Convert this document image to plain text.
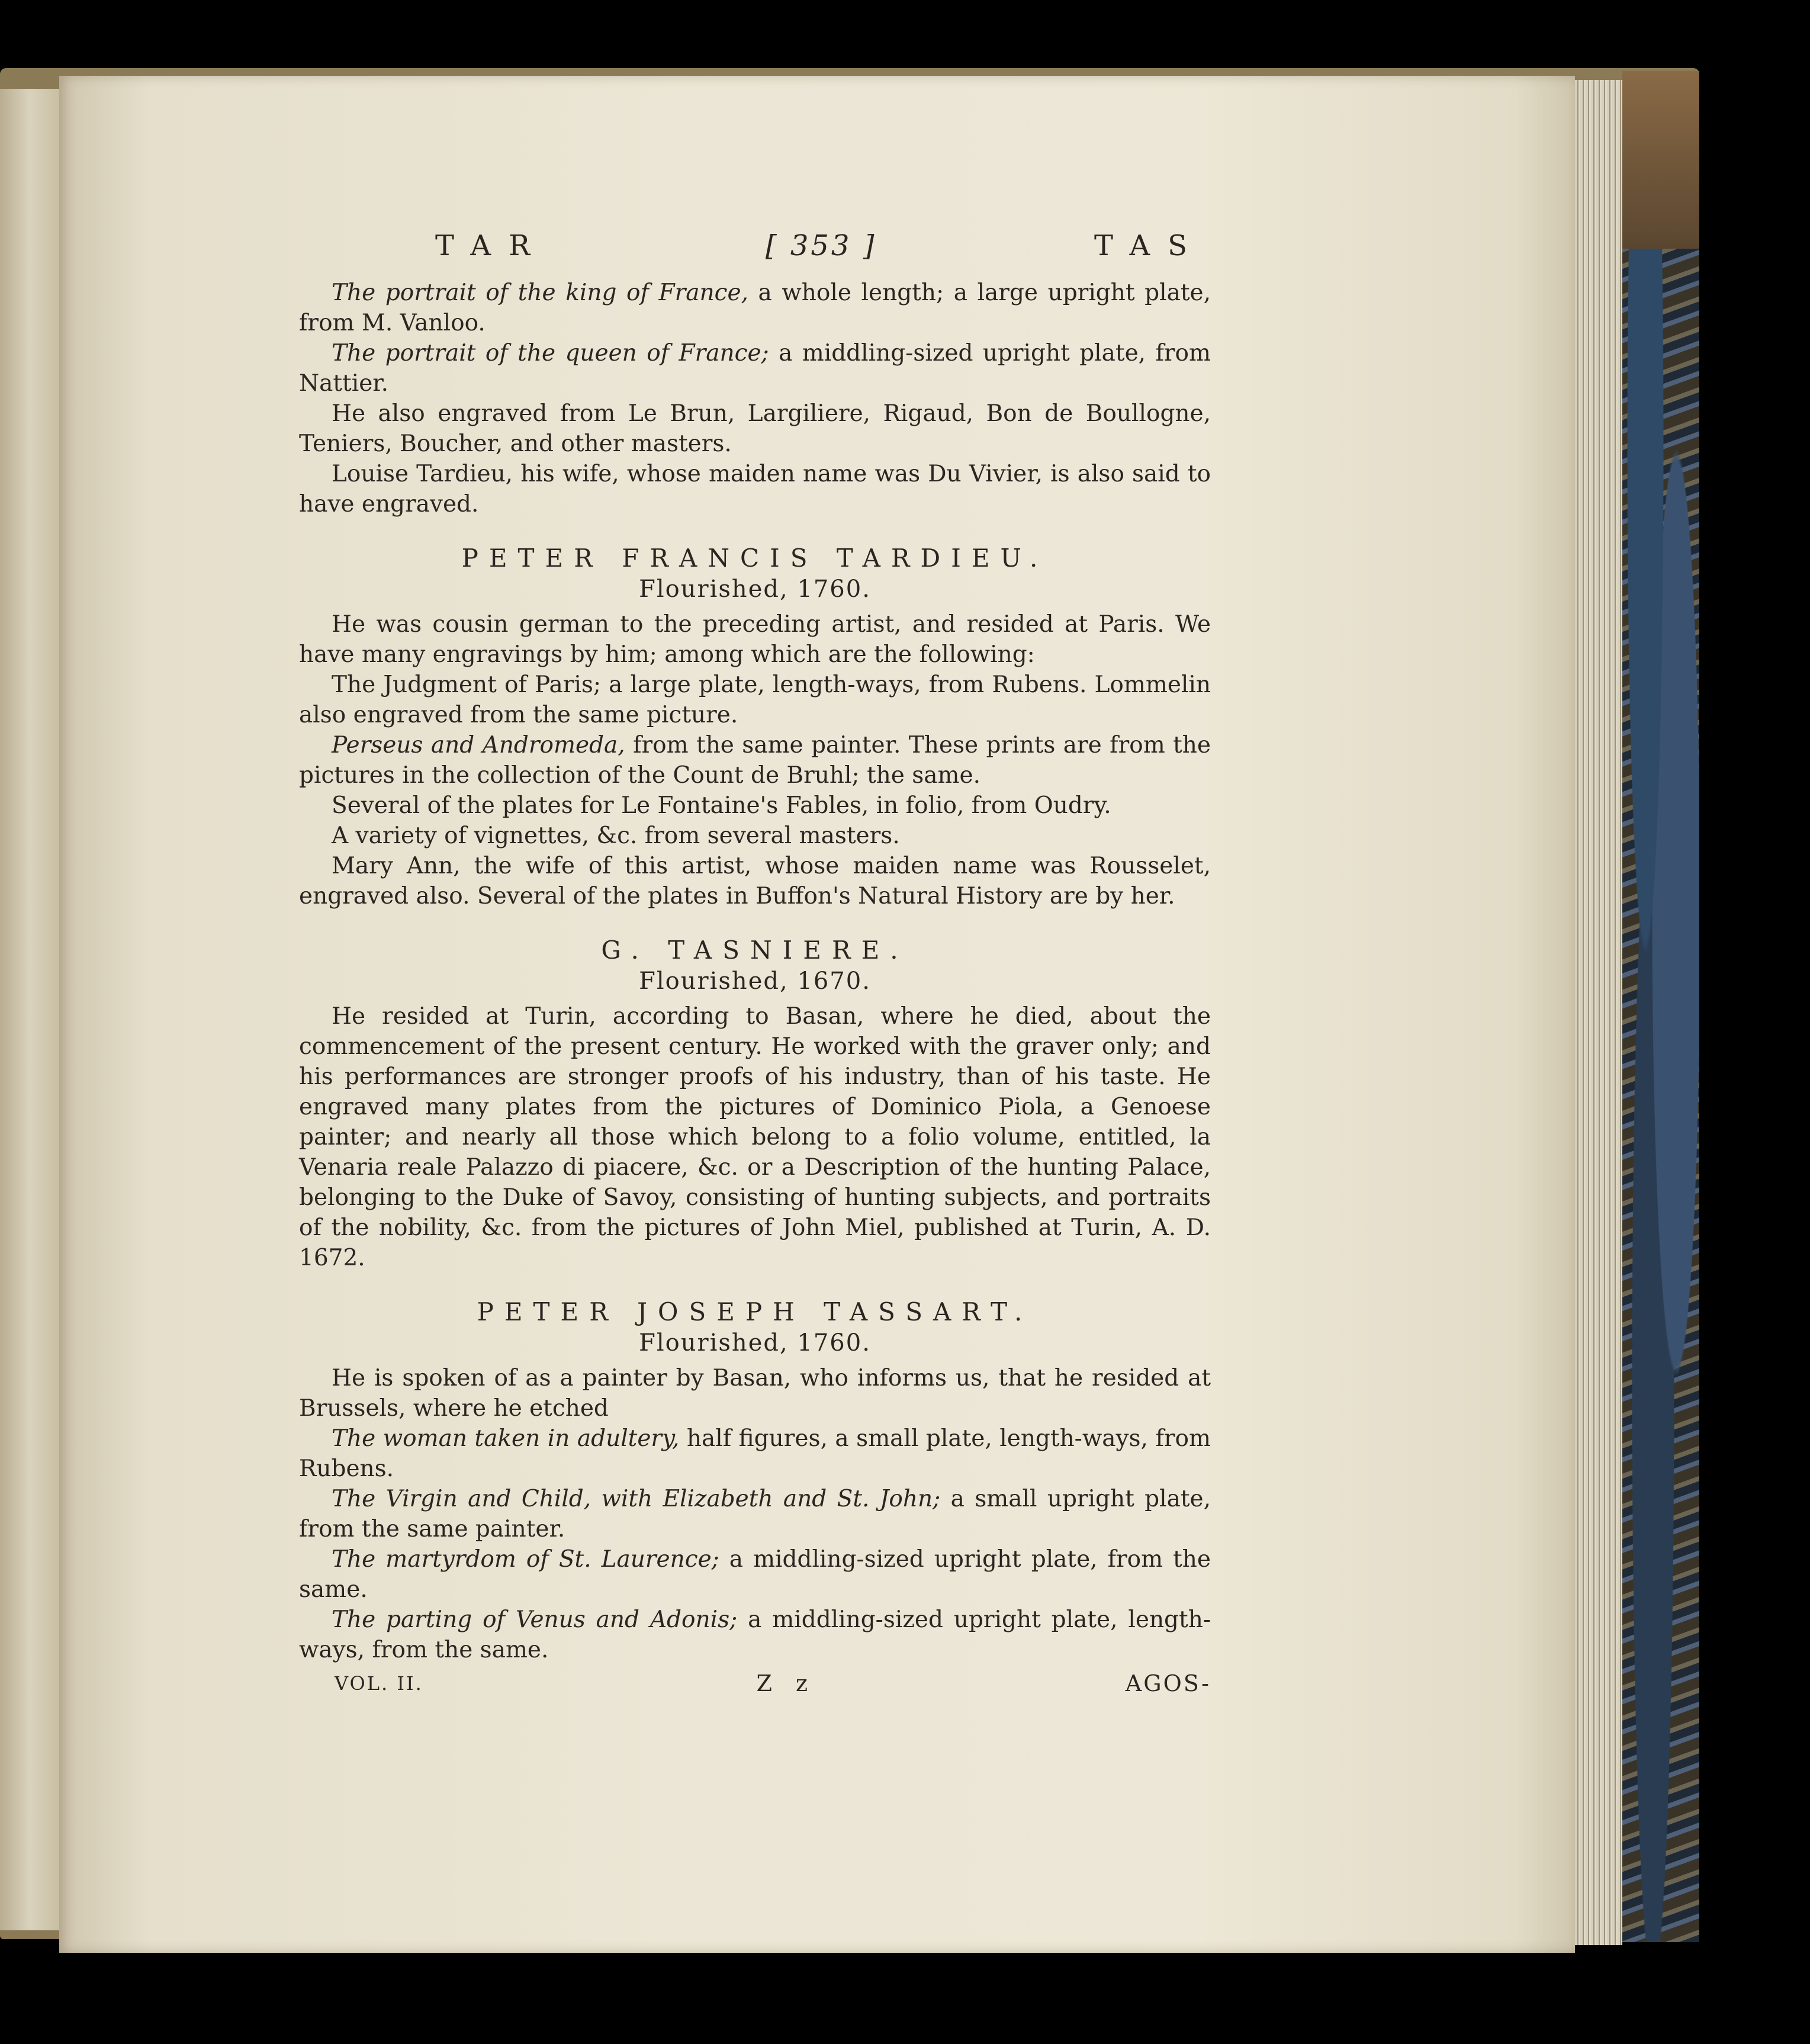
TAR	[ 353 ]	TAS

The portrait of the king of France, a whole length; a large upright plate, from M. Vanloo.

The portrait of the queen of France; a middling-sized upright plate, from Nattier.

He also engraved from Le Brun, Largiliere, Rigaud, Bon de Boullogne, Teniers, Boucher, and other masters.

Louise Tardieu, his wife, whose maiden name was Du Vivier, is also said to have engraved.

PETER FRANCIS TARDIEU.
Flourished, 1760.

He was cousin german to the preceding artist, and resided at Paris. We have many engravings by him; among which are the following:

The Judgment of Paris; a large plate, length-ways, from Rubens. Lommelin also engraved from the same picture.

Perseus and Andromeda, from the same painter. These prints are from the pictures in the collection of the Count de Bruhl; the same.

Several of the plates for Le Fontaine's Fables, in folio, from Oudry.

A variety of vignettes, &c. from several masters.

Mary Ann, the wife of this artist, whose maiden name was Rousselet, engraved also. Several of the plates in Buffon's Natural History are by her.

G. TASNIERE.
Flourished, 1670.

He resided at Turin, according to Basan, where he died, about the commencement of the present century. He worked with the graver only; and his performances are stronger proofs of his industry, than of his taste. He engraved many plates from the pictures of Dominico Piola, a Genoese painter; and nearly all those which belong to a folio volume, entitled, la Venaria reale Palazzo di piacere, &c. or a Description of the hunting Palace, belonging to the Duke of Savoy, consisting of hunting subjects, and portraits of the nobility, &c. from the pictures of John Miel, published at Turin, A. D. 1672.

PETER JOSEPH TASSART.
Flourished, 1760.

He is spoken of as a painter by Basan, who informs us, that he resided at Brussels, where he etched

The woman taken in adultery, half figures, a small plate, length-ways, from Rubens.

The Virgin and Child, with Elizabeth and St. John; a small upright plate, from the same painter.

The martyrdom of St. Laurence; a middling-sized upright plate, from the same.

The parting of Venus and Adonis; a middling-sized upright plate, length-ways, from the same.

VOL. II.	Z z	AGOS-
